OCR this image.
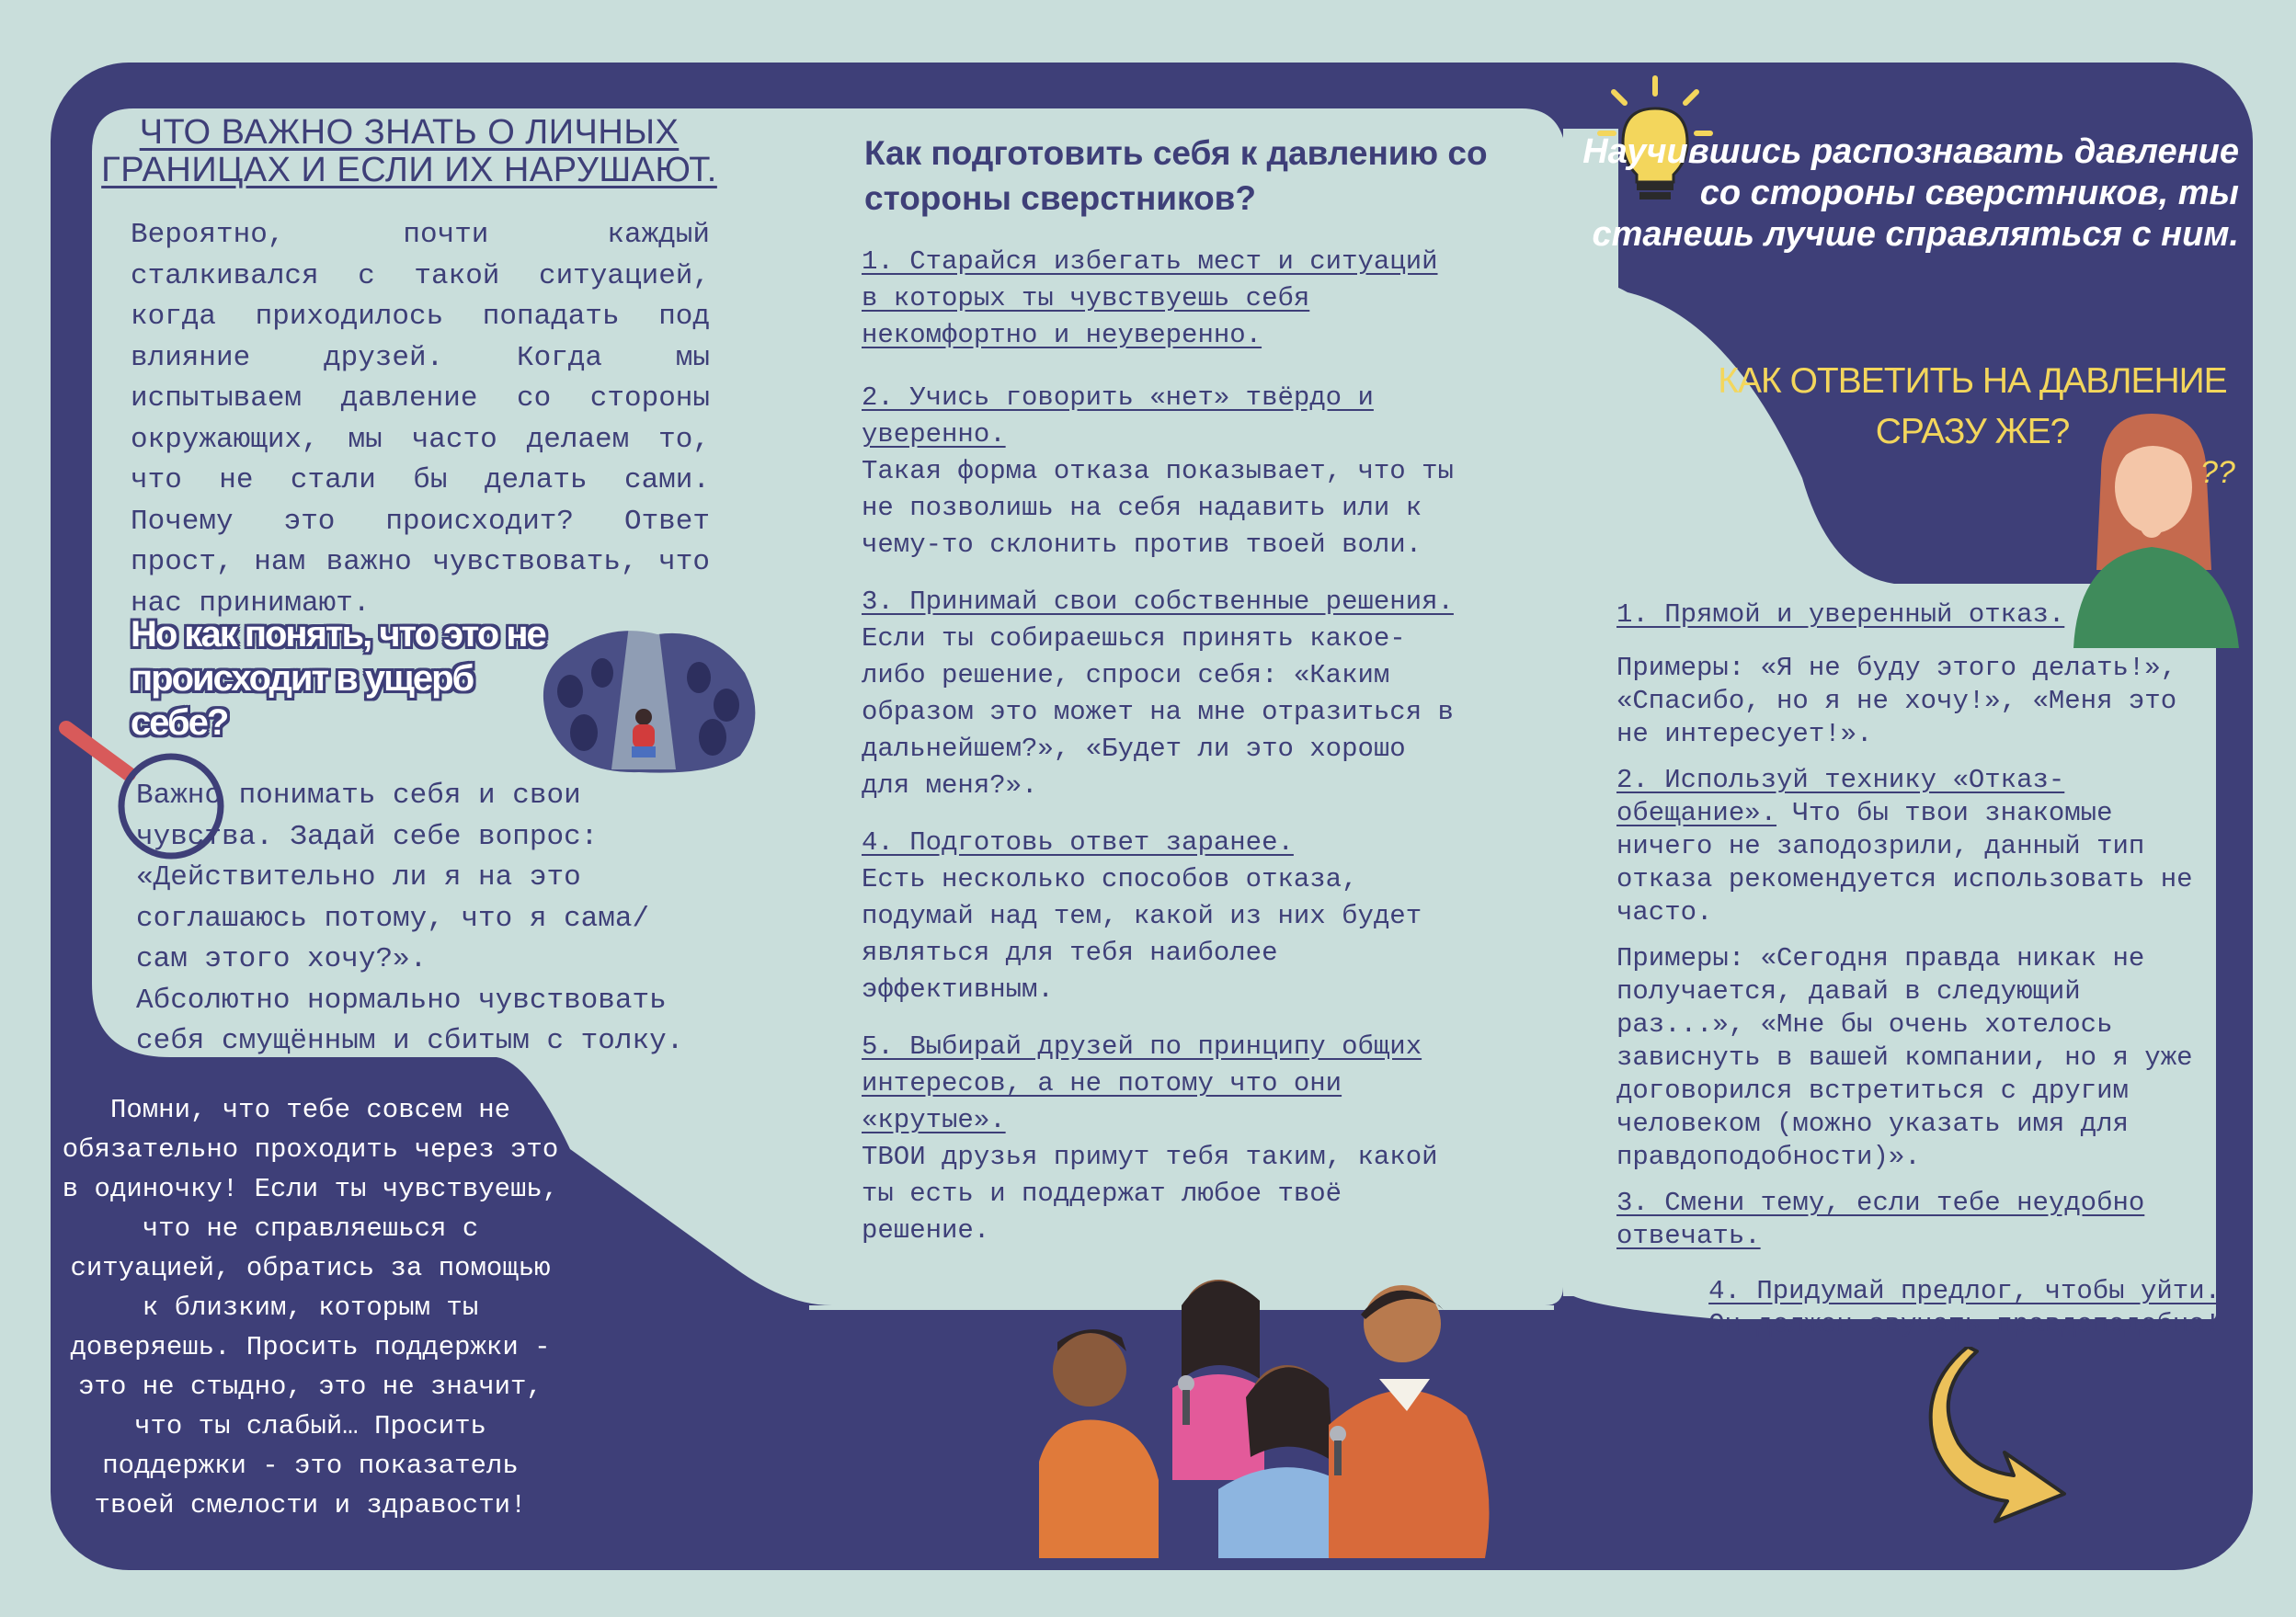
ЧТО ВАЖНО ЗНАТЬ О ЛИЧНЫХ ГРАНИЦАХ И ЕСЛИ ИХ НАРУШАЮТ.
Вероятно, почти каждый сталкивался с такой ситуацией, когда приходилось попадать под влияние друзей. Когда мы испытываем давление со стороны окружающих, мы часто делаем то, что не стали бы делать сами. Почему это происходит? Ответ прост, нам важно чувствовать, что нас принимают.
Но как понять, что это не происходит в ущерб себе?

Важно понимать себя и свои чувства. Задай себе вопрос: «Действительно ли я на это соглашаюсь потому, что я сама/сам этого хочу?».

Абсолютно нормально чувствовать себя смущённым и сбитым с толку.

Помни, что тебе совсем не обязательно проходить через это в одиночку! Если ты чувствуешь, что не справляешься с ситуацией, обратись за помощью к близким, которым ты доверяешь. Просить поддержки - это не стыдно, это не значит, что ты слабый… Просить поддержки - это показатель твоей смелости и здравости!
Как подготовить себя к давлению со стороны сверстников?

1. Старайся избегать мест и ситуаций в которых ты чувствуешь себя некомфортно и неуверенно.

2. Учись говорить «нет» твёрдо и уверенно.

Такая форма отказа показывает, что ты не позволишь на себя надавить или к чему-то склонить против твоей воли.

3. Принимай свои собственные решения.

Если ты собираешься принять какое-либо решение, спроси себя: «Каким образом это может на мне отразиться в дальнейшем?», «Будет ли это хорошо для меня?».

4. Подготовь ответ заранее.

Есть несколько способов отказа, подумай над тем, какой из них будет являться для тебя наиболее эффективным.

5. Выбирай друзей по принципу общих интересов, а не потому что они «крутые».

ТВОИ друзья примут тебя таким, какой ты есть и поддержат любое твоё решение.

Научившись распознавать давление со стороны сверстников, ты станешь лучше справляться с ним.
КАК ОТВЕТИТЬ НА ДАВЛЕНИЕ СРАЗУ ЖЕ?
??

1. Прямой и уверенный отказ.

Примеры: «Я не буду этого делать!», «Спасибо, но я не хочу!», «Меня это не интересует!».

2. Используй технику «Отказ-обещание». Что бы твои знакомые ничего не заподозрили, данный тип отказа рекомендуется использовать не часто.

Примеры: «Сегодня правда никак не получается, давай в следующий раз...», «Мне бы очень хотелось зависнуть в вашей компании, но я уже договорился встретиться с другим человеком (можно указать имя для правдоподобности)».

3. Смени тему, если тебе неудобно отвечать.

4. Придумай предлог, чтобы уйти.

Он должен звучать правдоподобно!
